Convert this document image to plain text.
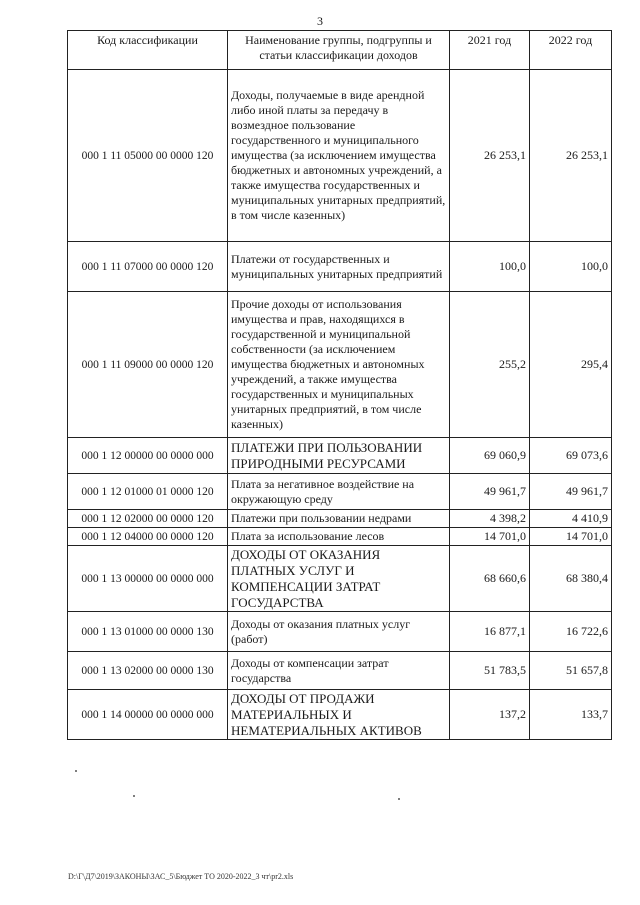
3
Код классификации	Наименование группы, подгруппы и статьи классификации доходов	2021 год	2022 год
000 1 11 05000 00 0000 120	Доходы, получаемые в виде арендной либо иной платы за передачу в возмездное пользование государственного и муниципального имущества (за исключением имущества бюджетных и автономных учреждений, а также имущества государственных и муниципальных унитарных предприятий, в том числе казенных)	26 253,1	26 253,1
000 1 11 07000 00 0000 120	Платежи от государственных и муниципальных унитарных предприятий	100,0	100,0
000 1 11 09000 00 0000 120	Прочие доходы от использования имущества и прав, находящихся в государственной и муниципальной собственности (за исключением имущества бюджетных и автономных учреждений, а также имущества государственных и муниципальных унитарных предприятий, в том числе казенных)	255,2	295,4
000 1 12 00000 00 0000 000	ПЛАТЕЖИ ПРИ ПОЛЬЗОВАНИИ ПРИРОДНЫМИ РЕСУРСАМИ	69 060,9	69 073,6
000 1 12 01000 01 0000 120	Плата за негативное воздействие на окружающую среду	49 961,7	49 961,7
000 1 12 02000 00 0000 120	Платежи при пользовании недрами	4 398,2	4 410,9
000 1 12 04000 00 0000 120	Плата за использование лесов	14 701,0	14 701,0
000 1 13 00000 00 0000 000	ДОХОДЫ ОТ ОКАЗАНИЯ ПЛАТНЫХ УСЛУГ И КОМПЕНСАЦИИ ЗАТРАТ ГОСУДАРСТВА	68 660,6	68 380,4
000 1 13 01000 00 0000 130	Доходы от оказания платных услуг (работ)	16 877,1	16 722,6
000 1 13 02000 00 0000 130	Доходы от компенсации затрат государства	51 783,5	51 657,8
000 1 14 00000 00 0000 000	ДОХОДЫ ОТ ПРОДАЖИ МАТЕРИАЛЬНЫХ И НЕМАТЕРИАЛЬНЫХ АКТИВОВ	137,2	133,7
D:\Г\Д7\2019\ЗАКОНЫ\ЗАС_5\Бюджет ТО 2020-2022_3 чт\pr2.xls
